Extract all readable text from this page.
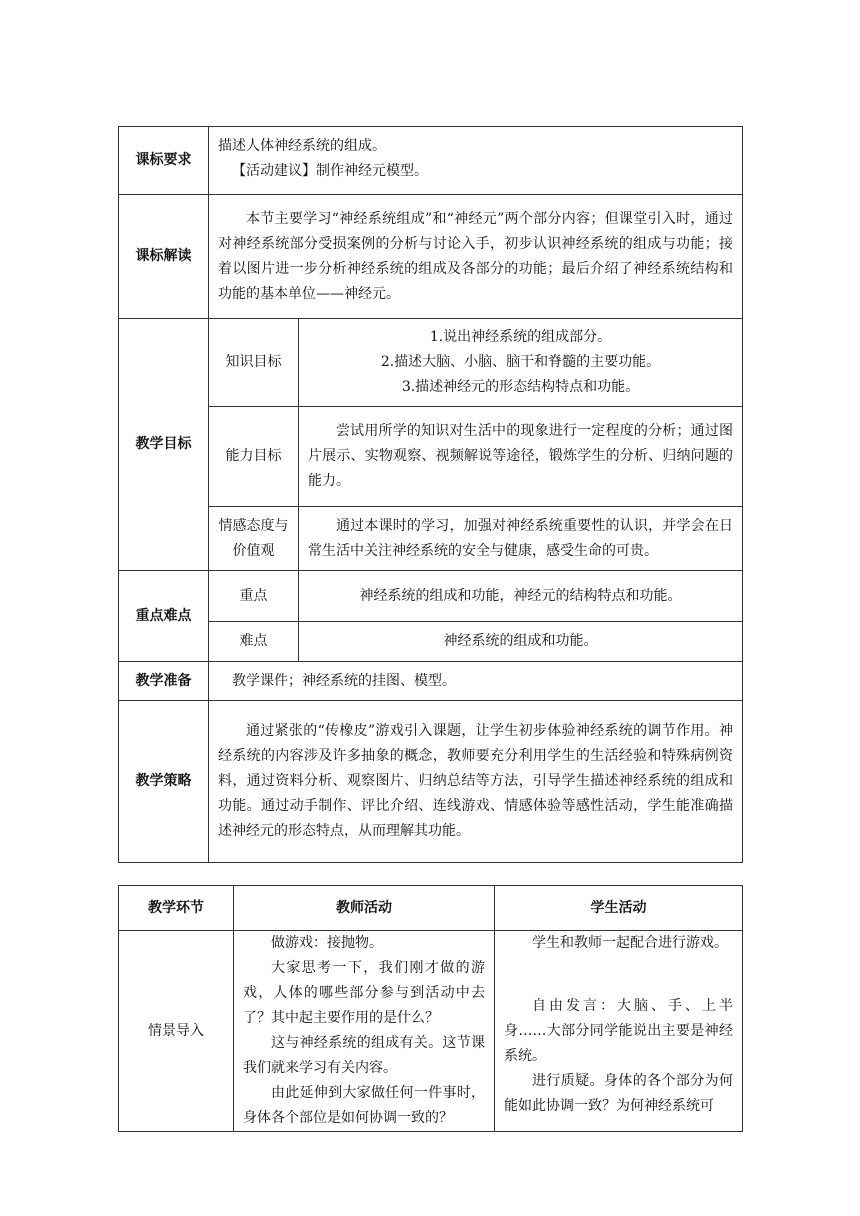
课标要求	描述人体神经系统的组成。
【活动建议】制作神经元模型。	

课标解读	本节主要学习“神经系统组成”和“神经元”两个部分内容；但课堂引入时，通过对神经系统部分受损案例的分析与讨论入手，初步认识神经系统的组成与功能；接着以图片进一步分析神经系统的组成及各部分的功能；最后介绍了神经系统结构和功能的基本单位——神经元。	

教学目标	知识目标	1.说出神经系统的组成部分。
2.描述大脑、小脑、脑干和脊髓的主要功能。
3.描述神经元的形态结构特点和功能。

	能力目标	尝试用所学的知识对生活中的现象进行一定程度的分析；通过图片展示、实物观察、视频解说等途径，锻炼学生的分析、归纳问题的能力。

	情感态度与
价值观	通过本课时的学习，加强对神经系统重要性的认识，并学会在日常生活中关注神经系统的安全与健康，感受生命的可贵。

重点难点	重点	神经系统的组成和功能，神经元的结构特点和功能。
	难点	神经系统的组成和功能。
教学准备	教学课件；神经系统的挂图、模型。	

教学策略	通过紧张的“传橡皮”游戏引入课题，让学生初步体验神经系统的调节作用。神经系统的内容涉及许多抽象的概念，教师要充分利用学生的生活经验和特殊病例资料，通过资料分析、观察图片、归纳总结等方法，引导学生描述神经系统的组成和功能。通过动手制作、评比介绍、连线游戏、情感体验等感性活动，学生能准确描述神经元的形态特点，从而理解其功能。	
教学环节	教师活动	学生活动
情景导入	做游戏：接抛物。
大家思考一下，我们刚才做的游戏，人体的哪些部分参与到活动中去了？其中起主要作用的是什么？
这与神经系统的组成有关。这节课我们就来学习有关内容。
由此延伸到大家做任何一件事时，身体各个部位是如何协调一致的？	学生和教师一起配合进行游戏。
自由发言：大脑、手、上半身……大部分同学能说出主要是神经系统。
进行质疑。身体的各个部分为何能如此协调一致？为何神经系统可
